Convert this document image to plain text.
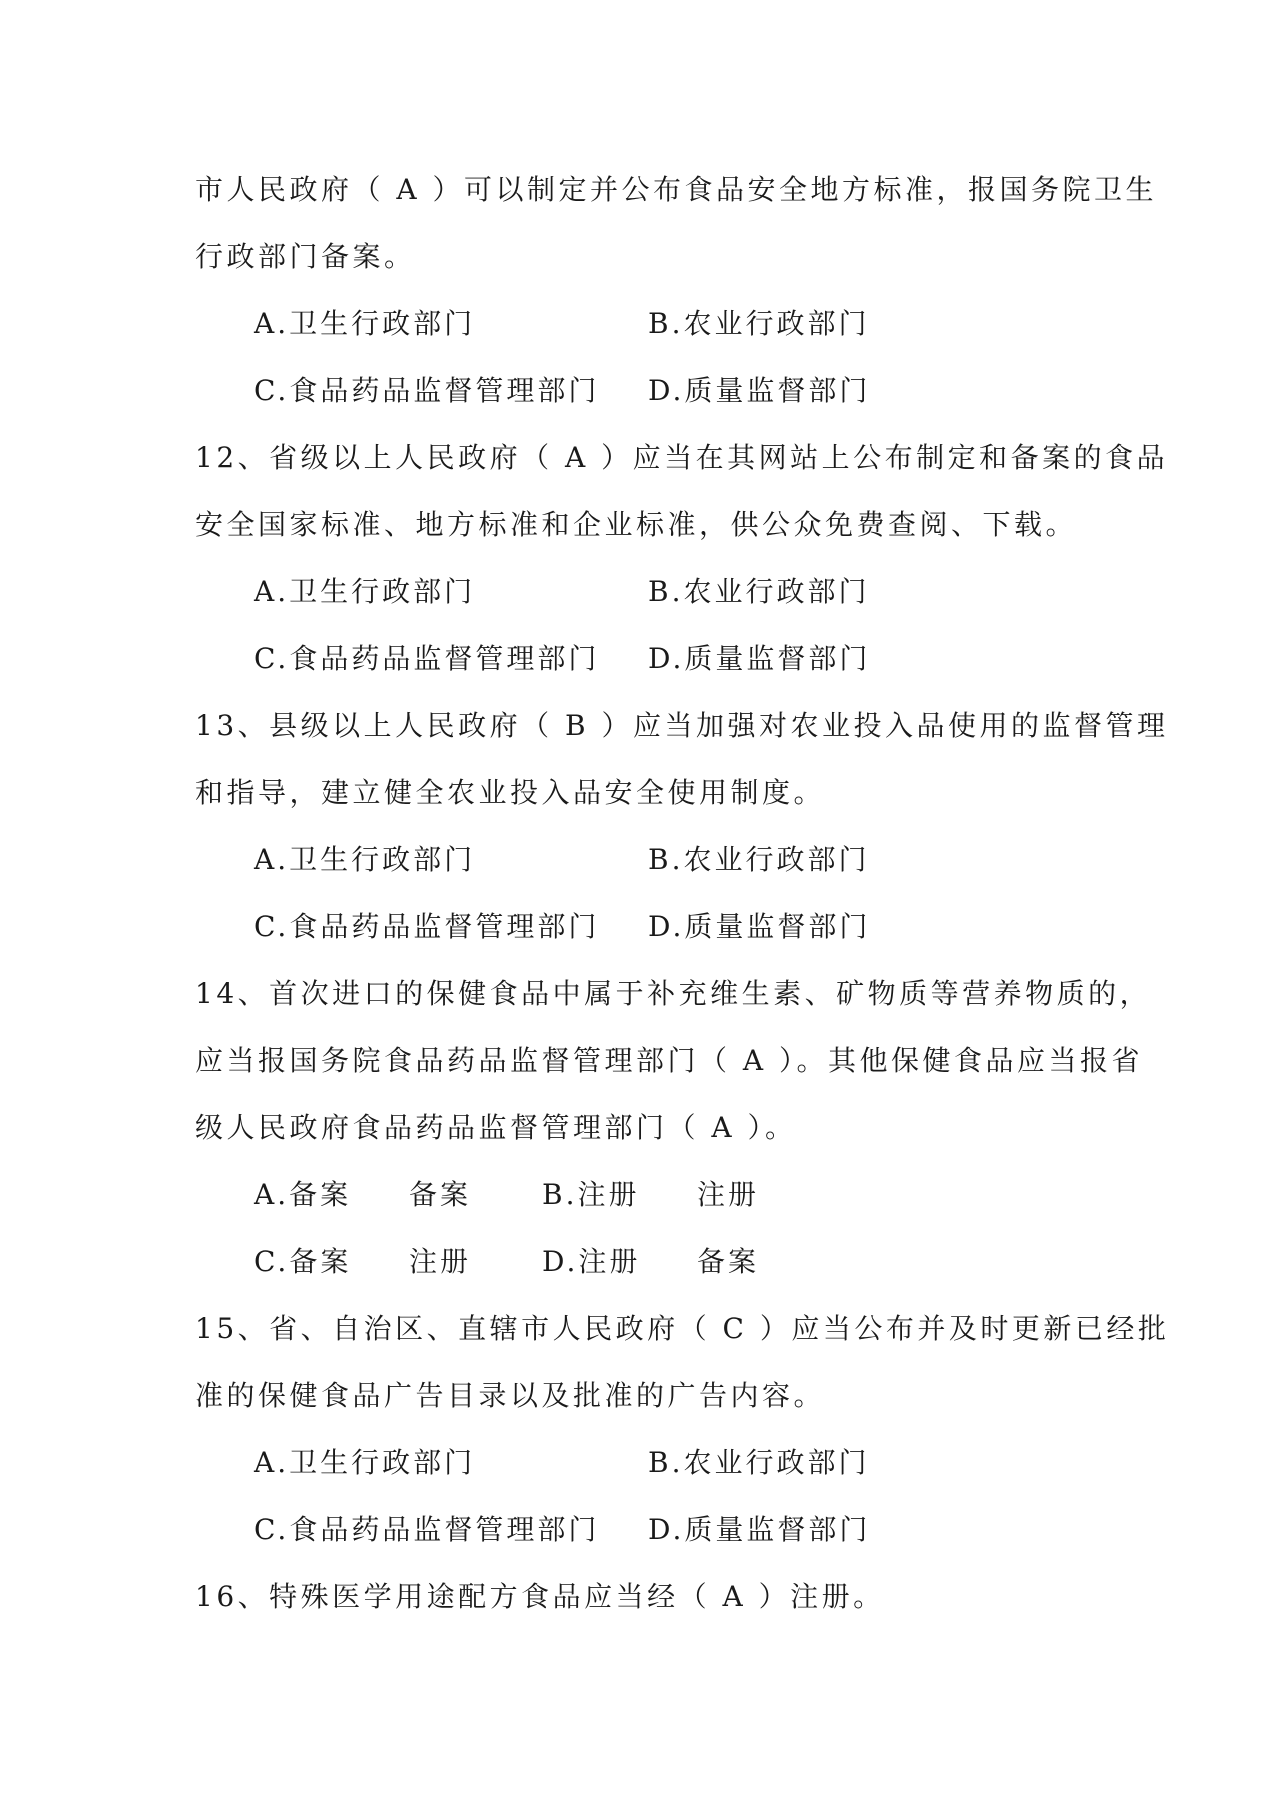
市人民政府（ A ）可以制定并公布食品安全地方标准，报国务院卫生
行政部门备案。
A.卫生行政部门	B.农业行政部门
C.食品药品监督管理部门 D.质量监督部门
12、省级以上人民政府（ A ）应当在其网站上公布制定和备案的食品
安全国家标准、地方标准和企业标准，供公众免费查阅、下载。
A.卫生行政部门	B.农业行政部门
C.食品药品监督管理部门 D.质量监督部门
13、县级以上人民政府（ B ）应当加强对农业投入品使用的监督管理
和指导，建立健全农业投入品安全使用制度。
A.卫生行政部门	B.农业行政部门
C.食品药品监督管理部门 D.质量监督部门
14、首次进口的保健食品中属于补充维生素、矿物质等营养物质的，
应当报国务院食品药品监督管理部门（ A ）。其他保健食品应当报省
级人民政府食品药品监督管理部门（ A ）。
A.备案 备案	B.注册 注册
C.备案 注册	D.注册 备案
15、省、自治区、直辖市人民政府（ C ）应当公布并及时更新已经批
准的保健食品广告目录以及批准的广告内容。
A.卫生行政部门	B.农业行政部门
C.食品药品监督管理部门 D.质量监督部门
16、特殊医学用途配方食品应当经（ A ）注册。
